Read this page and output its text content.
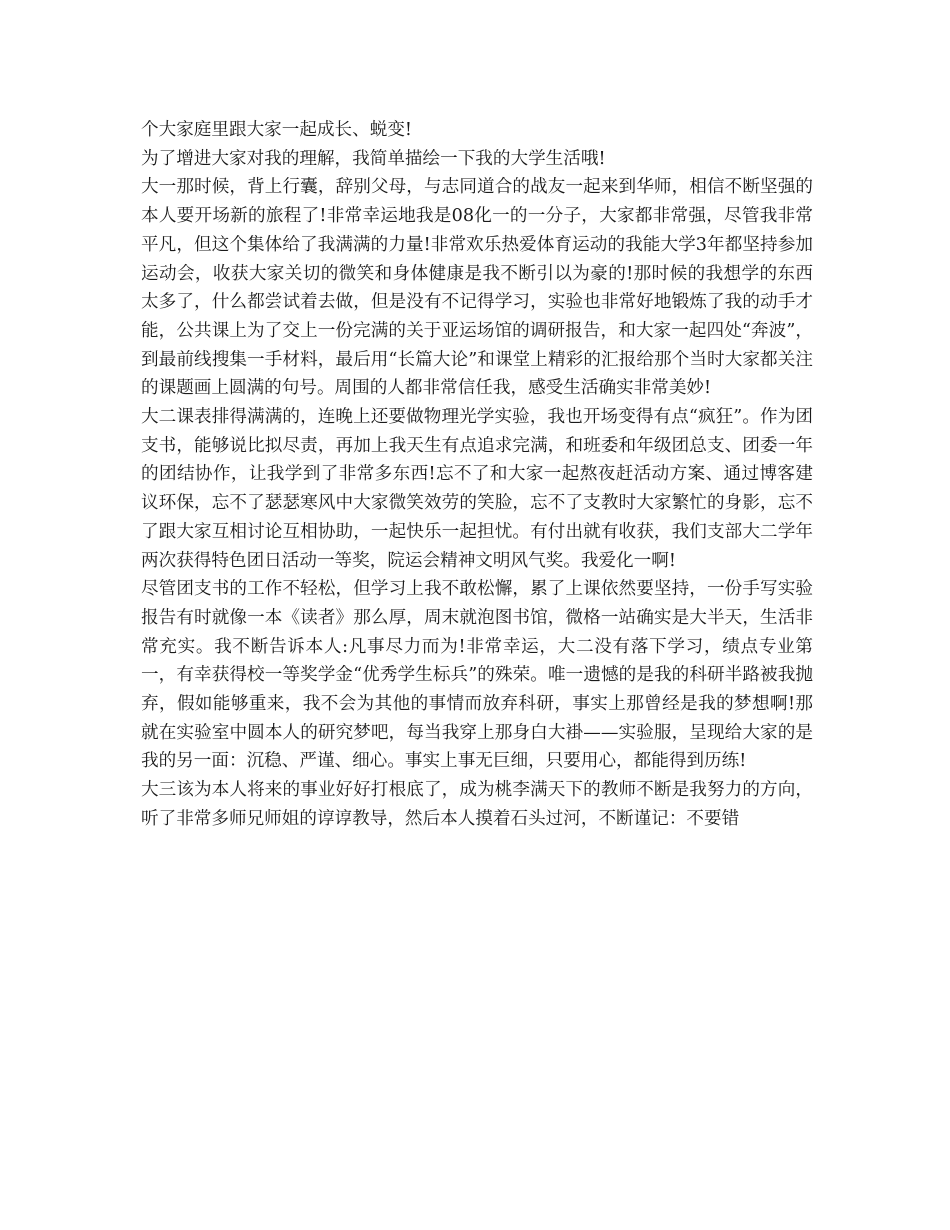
个大家庭里跟大家一起成长、蜕变!

为了增进大家对我的理解，我简单描绘一下我的大学生活哦!

大一那时候，背上行囊，辞别父母，与志同道合的战友一起来到华师，相信不断坚强的本人要开场新的旅程了!非常幸运地我是08化一的一分子，大家都非常强，尽管我非常平凡，但这个集体给了我满满的力量!非常欢乐热爱体育运动的我能大学3年都坚持参加运动会，收获大家关切的微笑和身体健康是我不断引以为豪的!那时候的我想学的东西太多了，什么都尝试着去做，但是没有不记得学习，实验也非常好地锻炼了我的动手才能，公共课上为了交上一份完满的关于亚运场馆的调研报告，和大家一起四处“奔波”，到最前线搜集一手材料，最后用“长篇大论”和课堂上精彩的汇报给那个当时大家都关注的课题画上圆满的句号。周围的人都非常信任我，感受生活确实非常美妙!

大二课表排得满满的，连晚上还要做物理光学实验，我也开场变得有点“疯狂”。作为团支书，能够说比拟尽责，再加上我天生有点追求完满，和班委和年级团总支、团委一年的团结协作，让我学到了非常多东西!忘不了和大家一起熬夜赶活动方案、通过博客建议环保，忘不了瑟瑟寒风中大家微笑效劳的笑脸，忘不了支教时大家繁忙的身影，忘不了跟大家互相讨论互相协助，一起快乐一起担忧。有付出就有收获，我们支部大二学年两次获得特色团日活动一等奖，院运会精神文明风气奖。我爱化一啊!

尽管团支书的工作不轻松，但学习上我不敢松懈，累了上课依然要坚持，一份手写实验报告有时就像一本《读者》那么厚，周末就泡图书馆，微格一站确实是大半天，生活非常充实。我不断告诉本人:凡事尽力而为!非常幸运，大二没有落下学习，绩点专业第一，有幸获得校一等奖学金“优秀学生标兵”的殊荣。唯一遗憾的是我的科研半路被我抛弃，假如能够重来，我不会为其他的事情而放弃科研，事实上那曾经是我的梦想啊!那就在实验室中圆本人的研究梦吧，每当我穿上那身白大褂——实验服，呈现给大家的是我的另一面：沉稳、严谨、细心。事实上事无巨细，只要用心，都能得到历练!

大三该为本人将来的事业好好打根底了，成为桃李满天下的教师不断是我努力的方向，听了非常多师兄师姐的谆谆教导，然后本人摸着石头过河，不断谨记：不要错
